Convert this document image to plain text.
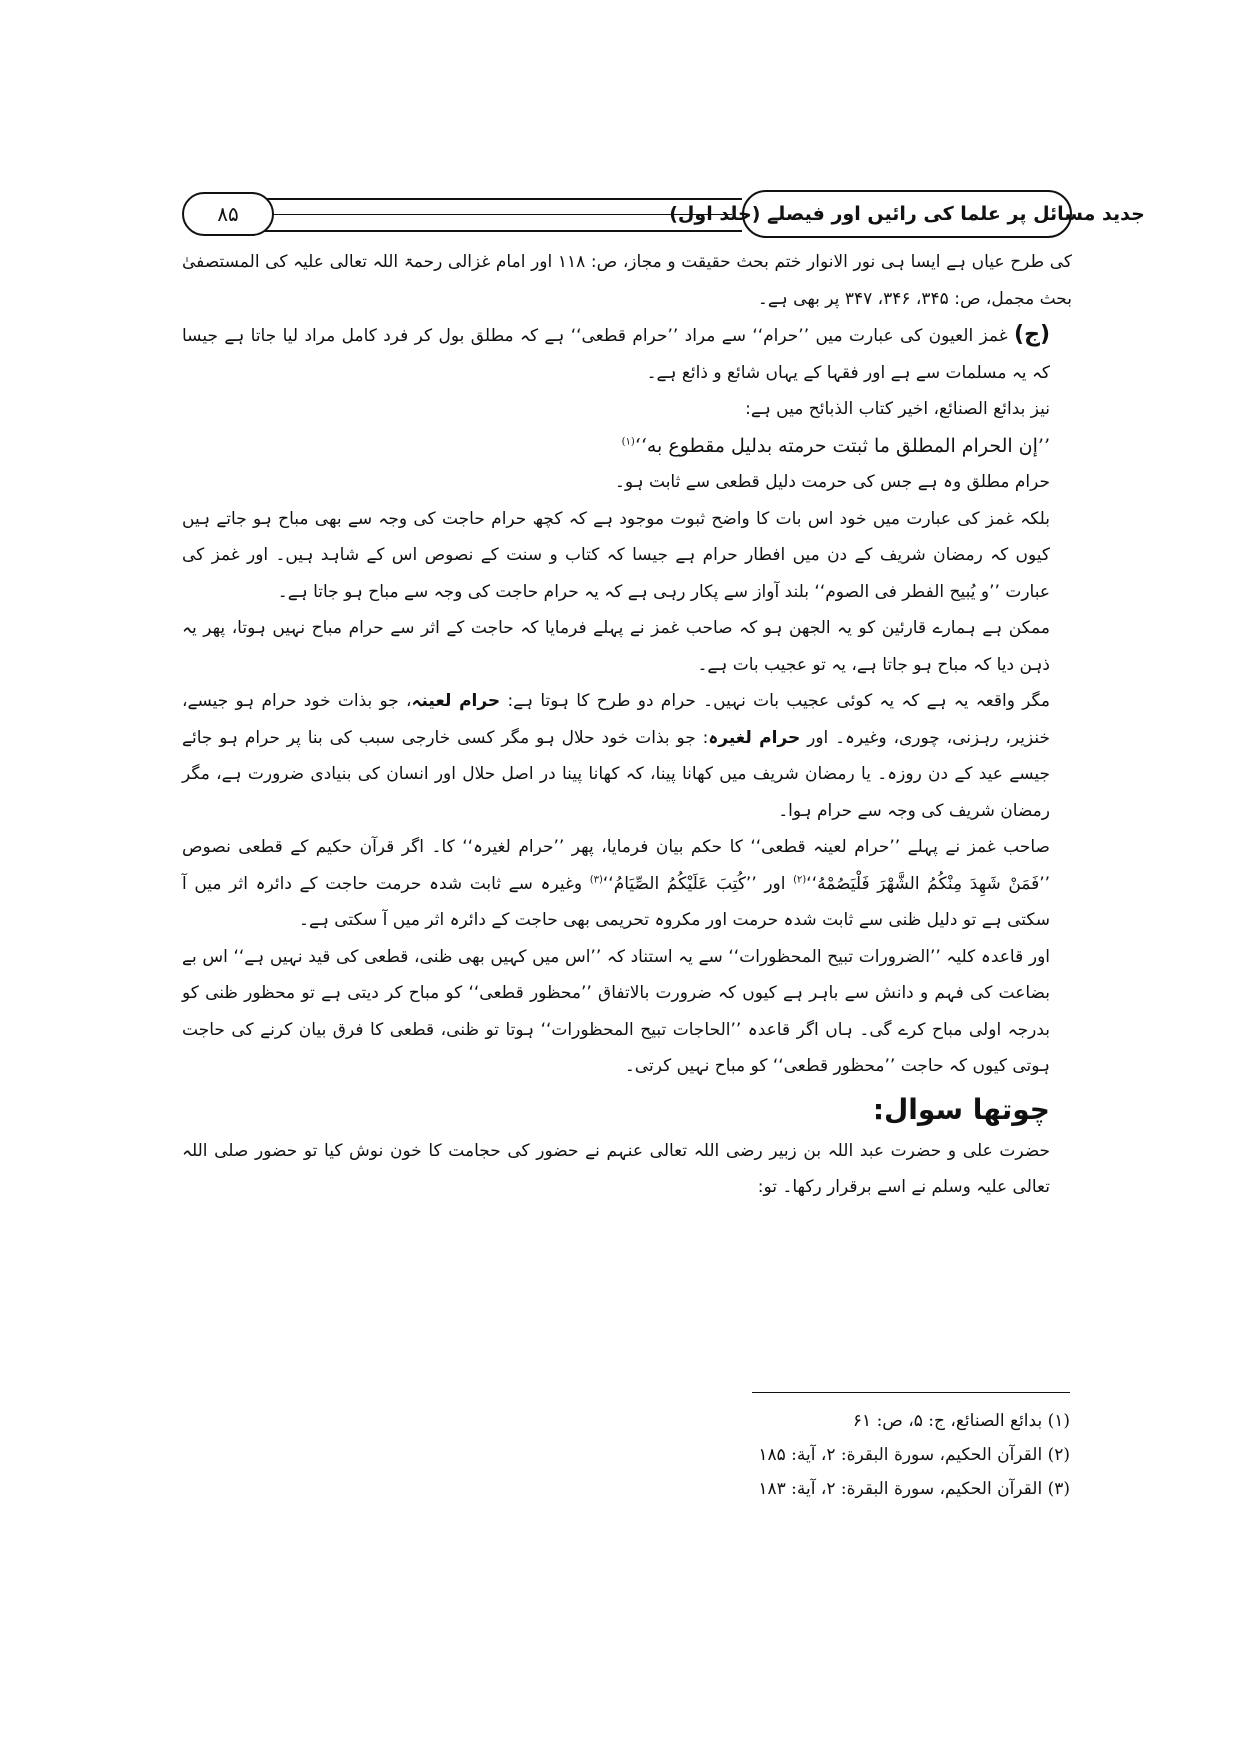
جدید مسائل پر علما کی رائیں اور فیصلے (جلد اول)
۸۵

کی طرح عیاں ہے ایسا ہی نور الانوار ختم بحث حقیقت و مجاز، ص: ۱۱۸ اور امام غزالی رحمۃ اللہ تعالی علیہ کی المستصفیٰ بحث مجمل، ص: ۳۴۵، ۳۴۶، ۳۴۷ پر بھی ہے۔

(ج) غمز العیون کی عبارت میں ’’حرام‘‘ سے مراد ’’حرام قطعی‘‘ ہے کہ مطلق بول کر فرد کامل مراد لیا جاتا ہے جیسا کہ یہ مسلمات سے ہے اور فقہا کے یہاں شائع و ذائع ہے۔

نیز بدائع الصنائع، اخیر کتاب الذبائح میں ہے:

’’إن الحرام المطلق ما ثبتت حرمته بدليل مقطوع به‘‘$^{(۱)}$

حرام مطلق وہ ہے جس کی حرمت دلیل قطعی سے ثابت ہو۔

بلکہ غمز کی عبارت میں خود اس بات کا واضح ثبوت موجود ہے کہ کچھ حرام حاجت کی وجہ سے بھی مباح ہو جاتے ہیں کیوں کہ رمضان شریف کے دن میں افطار حرام ہے جیسا کہ کتاب و سنت کے نصوص اس کے شاہد ہیں۔ اور غمز کی عبارت ’’و يُبيح الفطر فی الصوم‘‘ بلند آواز سے پکار رہی ہے کہ یہ حرام حاجت کی وجہ سے مباح ہو جاتا ہے۔

ممکن ہے ہمارے قارئین کو یہ الجھن ہو کہ صاحب غمز نے پہلے فرمایا کہ حاجت کے اثر سے حرام مباح نہیں ہوتا، پھر یہ ذہن دیا کہ مباح ہو جاتا ہے، یہ تو عجیب بات ہے۔

مگر واقعہ یہ ہے کہ یہ کوئی عجیب بات نہیں۔ حرام دو طرح کا ہوتا ہے: حرام لعینہ، جو بذات خود حرام ہو جیسے، خنزیر، رہزنی، چوری، وغیرہ۔ اور حرام لغیرہ: جو بذات خود حلال ہو مگر کسی خارجی سبب کی بنا پر حرام ہو جائے جیسے عید کے دن روزہ۔ یا رمضان شریف میں کھانا پینا، کہ کھانا پینا در اصل حلال اور انسان کی بنیادی ضرورت ہے، مگر رمضان شریف کی وجہ سے حرام ہوا۔

صاحب غمز نے پہلے ’’حرام لعینہ قطعی‘‘ کا حکم بیان فرمایا، پھر ’’حرام لغیرہ‘‘ کا۔ اگر قرآن حکیم کے قطعی نصوص ’’فَمَنْ شَهِدَ مِنْكُمُ الشَّهْرَ فَلْيَصُمْهُ‘‘$^{(۲)}$ اور ’’كُتِبَ عَلَيْكُمُ الصِّيَامُ‘‘$^{(۳)}$ وغیرہ سے ثابت شدہ حرمت حاجت کے دائرہ اثر میں آ سکتی ہے تو دلیل ظنی سے ثابت شدہ حرمت اور مکروہ تحریمی بھی حاجت کے دائرہ اثر میں آ سکتی ہے۔

اور قاعدہ کلیہ ’’الضرورات تبيح المحظورات‘‘ سے یہ استناد کہ ’’اس میں کہیں بھی ظنی، قطعی کی قید نہیں ہے‘‘ اس بے بضاعت کی فہم و دانش سے باہر ہے کیوں کہ ضرورت بالاتفاق ’’محظور قطعی‘‘ کو مباح کر دیتی ہے تو محظور ظنی کو بدرجہ اولی مباح کرے گی۔ ہاں اگر قاعدہ ’’الحاجات تبيح المحظورات‘‘ ہوتا تو ظنی، قطعی کا فرق بیان کرنے کی حاجت ہوتی کیوں کہ حاجت ’’محظور قطعی‘‘ کو مباح نہیں کرتی۔

چوتھا سوال:

حضرت علی و حضرت عبد اللہ بن زبیر رضی اللہ تعالی عنہم نے حضور کی حجامت کا خون نوش کیا تو حضور صلی اللہ تعالی علیہ وسلم نے اسے برقرار رکھا۔ تو:

(۱) بدائع الصنائع، ج: ۵، ص: ۶۱

(۲) القرآن الحكيم، سورة البقرة: ۲، آية: ۱۸۵

(۳) القرآن الحكيم، سورة البقرة: ۲، آية: ۱۸۳
